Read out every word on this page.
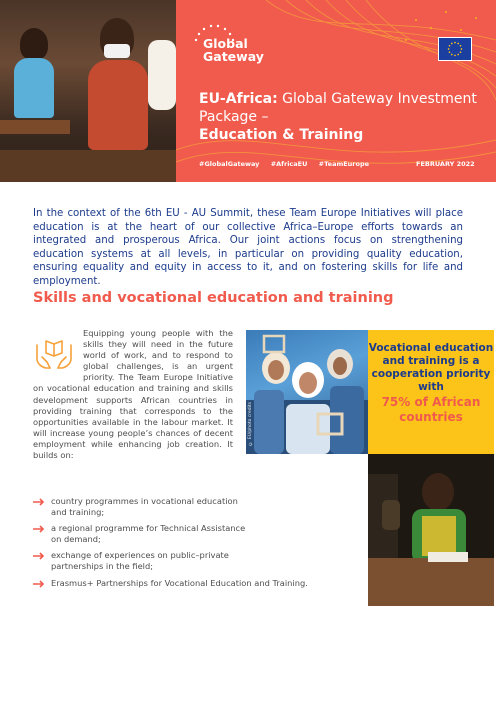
Global
Gateway
EU-Africa: Global Gateway Investment Package –
Education & Training
#GlobalGateway #AfricaEU #TeamEurope	FEBRUARY 2022

In the context of the 6th EU - AU Summit, these Team Europe Initiatives will place education is at the heart of our collective Africa–Europe efforts towards an integrated and prosperous Africa. Our joint actions focus on strengthening education systems at all levels, in particular on providing quality education, ensuring equality and equity in access to it, and on fostering skills for life and employment.

Skills and vocational education and training
Equipping young people with the skills they will need in the future world of work, and to respond to global challenges, is an urgent priority. The Team Europe Initiative on vocational education and training and skills development supports African countries in providing training that corresponds to the opportunities available in the labour market. It will increase young people’s chances of decent employment while enhancing job creation. It builds on:
country programmes in vocational education and training;
a regional programme for Technical Assistance on demand;
exchange of experiences on public–private partnerships in the field;
Erasmus+ Partnerships for Vocational Education and Training.
© EU/photo credits
Vocational education and training is a cooperation priority with
75% of African countries
